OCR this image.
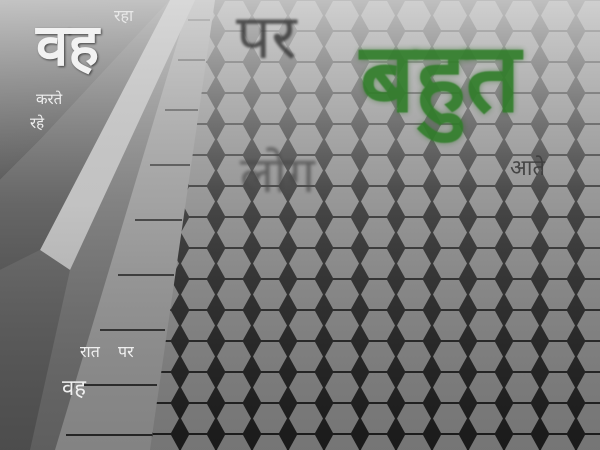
वह रहा
करते
रहे
पर बहुत
लोग	आते
रात पर
वह
